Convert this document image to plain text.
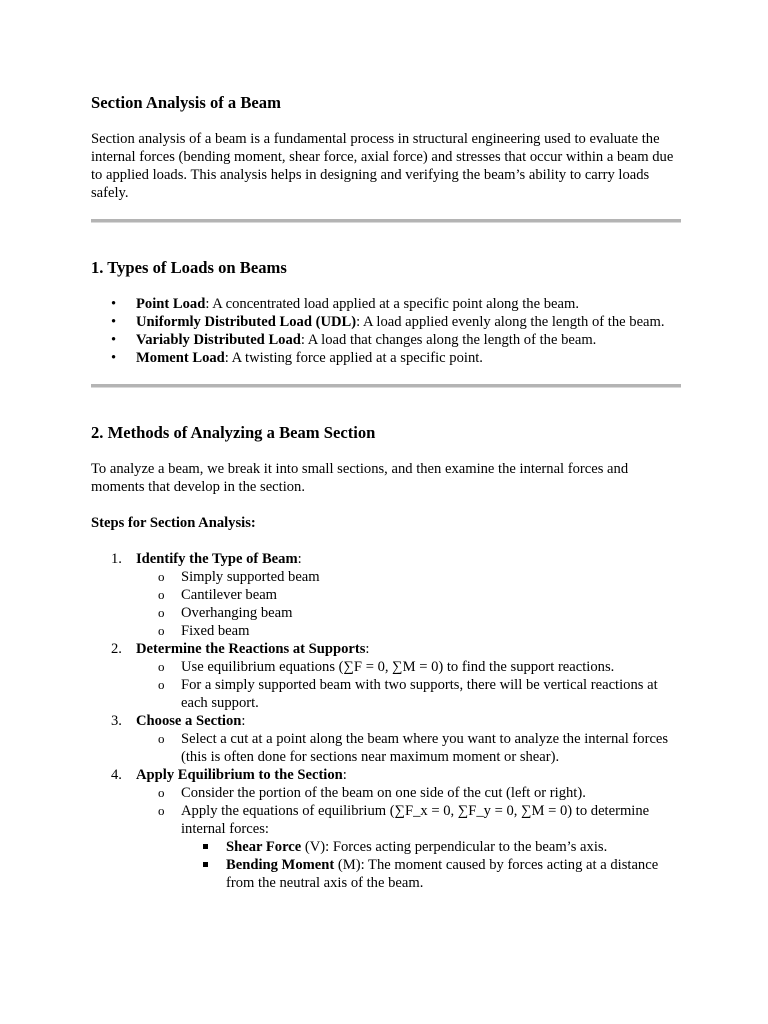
Section Analysis of a Beam

Section analysis of a beam is a fundamental process in structural engineering used to evaluate the internal forces (bending moment, shear force, axial force) and stresses that occur within a beam due to applied loads. This analysis helps in designing and verifying the beam’s ability to carry loads safely.

1. Types of Loads on Beams
• Point Load: A concentrated load applied at a specific point along the beam.
• Uniformly Distributed Load (UDL): A load applied evenly along the length of the beam.
• Variably Distributed Load: A load that changes along the length of the beam.
• Moment Load: A twisting force applied at a specific point.
2. Methods of Analyzing a Beam Section

To analyze a beam, we break it into small sections, and then examine the internal forces and moments that develop in the section.

Steps for Section Analysis:

1. Identify the Type of Beam:
o Simply supported beam
o Cantilever beam
o Overhanging beam
o Fixed beam
2. Determine the Reactions at Supports:
o Use equilibrium equations (∑F = 0, ∑M = 0) to find the support reactions.
o For a simply supported beam with two supports, there will be vertical reactions at each support.
3. Choose a Section:
o Select a cut at a point along the beam where you want to analyze the internal forces (this is often done for sections near maximum moment or shear).
4. Apply Equilibrium to the Section:
o Consider the portion of the beam on one side of the cut (left or right).
o Apply the equations of equilibrium (∑F_x = 0, ∑F_y = 0, ∑M = 0) to determine internal forces:
Shear Force (V): Forces acting perpendicular to the beam’s axis.
Bending Moment (M): The moment caused by forces acting at a distance from the neutral axis of the beam.
